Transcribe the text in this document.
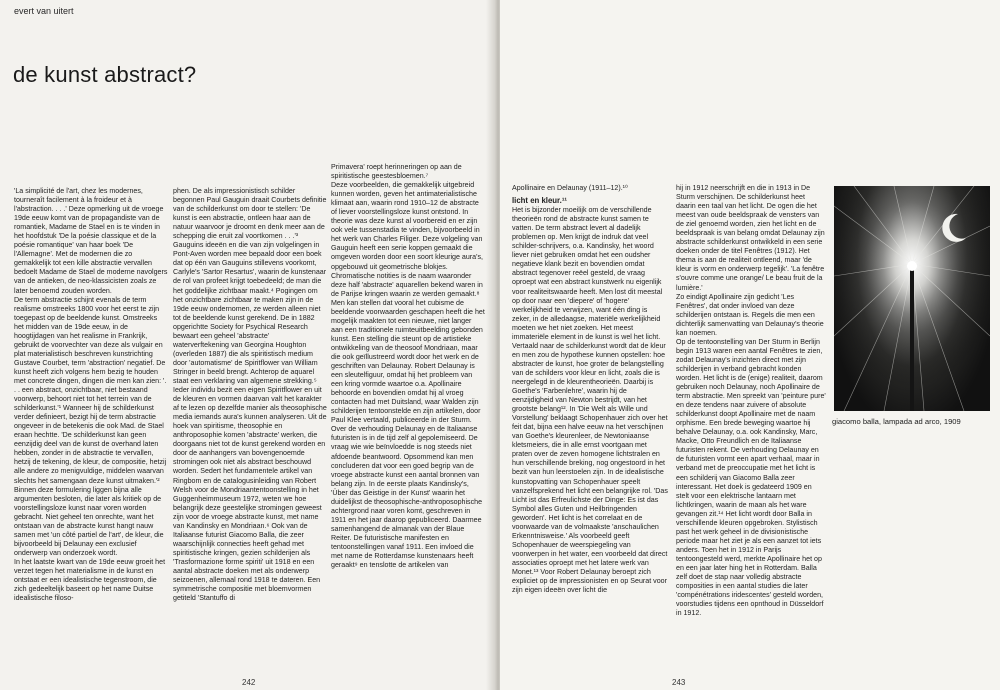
evert van uitert
de kunst abstract?

'La simplicité de l'art, chez les modernes, tourneraît facilement à la froideur et à l'abstraction. . . .' Deze opmerking uit de vroege 19de eeuw komt van de propagandiste van de romantiek, Madame de Stael en is te vinden in het hoofdstuk 'De la poésie classique et de la poésie romantique' van haar boek 'De l'Allemagne'. Met de modernen die zo gemakkelijk tot een kille abstractie vervallen bedoelt Madame de Stael de moderne navolgers van de antieken, de neo-klassicisten zoals ze later benoemd zouden worden.

De term abstractie schijnt evenals de term realisme omstreeks 1800 voor het eerst te zijn toegepast op de beeldende kunst. Omstreeks het midden van de 19de eeuw, in de hoogtijdagen van het realisme in Frankrijk, gebruikt de voorvechter van deze als vulgair en plat materialistisch beschreven kunstrichting Gustave Courbet, term 'abstraction' negatief. De kunst heeft zich volgens hem bezig te houden met concrete dingen, dingen die men kan zien: '. . . een abstract, onzichtbaar, niet bestaand voorwerp, behoort niet tot het terrein van de schilderkunst.'¹ Wanneer hij de schilderkunst verder definieert, bezigt hij de term abstractie ongeveer in de betekenis die ook Mad. de Stael eraan hechtte. 'De schilderkunst kan geen eenzijdig deel van de kunst de overhand laten hebben, zonder in de abstractie te vervallen, hetzij de tekening, de kleur, de compositie, hetzij alle andere zo menigvuldige, middelen waarvan slechts het samengaan deze kunst uitmaken.'² Binnen deze formulering liggen bijna alle argumenten besloten, die later als kritiek op de voorstellingsloze kunst naar voren worden gebracht. Niet geheel ten onrechte, want het ontstaan van de abstracte kunst hangt nauw samen met 'un côté partiel de l'art', de kleur, die bijvoorbeeld bij Delaunay een exclusief onderwerp van onderzoek wordt.

In het laatste kwart van de 19de eeuw groeit het verzet tegen het materialisme in de kunst en ontstaat er een idealistische tegenstroom, die zich gedeeltelijk baseert op het name Duitse idealistische filoso-

phen. De als impressionistisch schilder begonnen Paul Gauguin draait Courbets definitie van de schilderkunst om door te stellen: 'De kunst is een abstractie, ontleen haar aan de natuur waarvoor je droomt en denk meer aan de schepping die eruit zal voortkomen . . .'³ Gauguins ideeën en die van zijn volgelingen in Pont-Aven worden mee bepaald door een boek dat op één van Gauguins stillevens voorkomt, Carlyle's 'Sartor Resartus', waarin de kunstenaar de rol van profeet krijgt toebedeeld; de man die het goddelijke zichtbaar maakt.⁴ Pogingen om het onzichtbare zichtbaar te maken zijn in de 19de eeuw ondernomen, ze werden alleen niet tot de beeldende kunst gerekend. De in 1882 opgerichtte Society for Psychical Research bewaart een geheel 'abstracte' waterverftekening van Georgina Houghton (overleden 1887) die als spiritistisch medium door 'automatisme' de Spiritflower van William Stringer in beeld brengt. Achterop de aquarel staat een verklaring van algemene strekking.⁵ Ieder individu bezit een eigen Spiritflower en uit de kleuren en vormen daarvan valt het karakter af te lezen op dezelfde manier als theosophische media iemands aura's kunnen analyseren. Uit de hoek van spiritisme, theosophie en anthroposophie komen 'abstracte' werken, die doorgaans niet tot de kunst gerekend worden en door de aanhangers van bovengenoemde stromingen ook niet als abstract beschouwd worden. Sedert het fundamentele artikel van Ringbom en de catalogusinleiding van Robert Welsh voor de Mondriaantentoonstelling in het Guggenheimmuseum 1972, weten we hoe belangrijk deze geestelijke stromingen geweest zijn voor de vroege abstracte kunst, met name van Kandinsky en Mondriaan.⁶ Ook van de Italiaanse futurist Giacomo Balla, die zeer waarschijnlijk connecties heeft gehad met spiritistische kringen, gezien schilderijen als 'Trasformazione forme spiriti' uit 1918 en een aantal abstracte doeken met als onderwerp seizoenen, allemaal rond 1918 te dateren. Een symmetrische compositie met bloemvormen getiteld 'Stantuffo di

Primavera' roept herinneringen op aan de spiritistische geestesbloemen.⁷

Deze voorbeelden, die gemakkelijk uitgebreid kunnen worden, geven het antimaterialistische klimaat aan, waarin rond 1910–12 de abstracte of liever voorstellingsloze kunst ontstond. In theorie was deze kunst al voorbereid en er zijn ook vele tussenstadia te vinden, bijvoorbeeld in het werk van Charles Filiger. Deze volgeling van Gauguin heeft een serie koppen gemaakt die omgeven worden door een soort kleurige aura's, opgebouwd uit geometrische blokjes. Chromatische notities is de naam waaronder deze half 'abstracte' aquarellen bekend waren in de Parijse kringen waarin ze werden gemaakt.⁸

Men kan stellen dat vooral het cubisme de beeldende voorwaarden geschapen heeft die het mogelijk maakten tot een nieuwe, niet langer aan een traditionele ruimteuitbeelding gebonden kunst. Een stelling die steunt op de artistieke ontwikkeling van de theosoof Mondriaan, maar die ook geïllustreerd wordt door het werk en de geschriften van Delaunay. Robert Delaunay is een sleutelfiguur, omdat hij het probleem van een kring vormde waartoe o.a. Apollinaire behoorde en bovendien omdat hij al vroeg contacten had met Duitsland, waar Walden zijn schilderijen tentoonstelde en zijn artikelen, door Paul Klee vertaald, publiceerde in der Sturm.

Over de verhouding Delaunay en de Italiaanse futuristen is in de tijd zelf al gepolemiseerd. De vraag wie wie beïnvloedde is nog steeds niet afdoende beantwoord. Opsommend kan men concluderen dat voor een goed begrip van de vroege abstracte kunst een aantal bronnen van belang zijn. In de eerste plaats Kandinsky's, 'Über das Geistige in der Kunst' waarin het duidelijkst de theosophische-anthroposophische achtergrond naar voren komt, geschreven in 1911 en het jaar daarop gepubliceerd. Daarmee samenhangend de almanak van der Blaue Reiter. De futuristische manifesten en tentoonstellingen vanaf 1911. Een invloed die met name de Rotterdamse kunstenaars heeft geraakt⁹ en tenslotte de artikelen van

242	243

Apollinaire en Delaunay (1911–12).¹⁰

licht en kleur.¹¹

Het is bijzonder moeilijk om de verschillende theorieën rond de abstracte kunst samen te vatten. De term abstract levert al dadelijk problemen op. Men krijgt de indruk dat veel schilder-schrijvers, o.a. Kandinsky, het woord liever niet gebruiken omdat het een oudsher negatieve klank bezit en bovendien omdat abstract tegenover reëel gesteld, de vraag oproept wat een abstract kunstwerk nu eigenlijk voor realiteitswaarde heeft. Men lost dit meestal op door naar een 'diepere' of 'hogere' werkelijkheid te verwijzen, want één ding is zeker, in de alledaagse, materiële werkelijkheid moeten we het niet zoeken. Het meest immateriële element in de kunst is wel het licht. Vertaald naar de schilderkunst wordt dat de kleur en men zou de hypothese kunnen opstellen: hoe abstracter de kunst, hoe groter de belangstelling van de schilders voor kleur en licht, zoals die is neergelegd in de kleurentheorieën. Daarbij is Goethe's 'Farbenlehre', waarin hij de eenzijdigheid van Newton bestrijdt, van het grootste belang¹². In 'Die Welt als Wille und Vorstellung' beklaagt Schopenhauer zich over het feit dat, bijna een halve eeuw na het verschijnen van Goethe's kleurenleer, de Newtoniaanse kletsmeiers, die in alle ernst voortgaan met praten over de zeven homogene lichtstralen en hun verschillende breking, nog ongestoord in het bezit van hun leerstoelen zijn. In de idealistische kunstopvatting van Schopenhauer speelt vanzelfsprekend het licht een belangrijke rol. 'Das Licht ist das Erfreulichste der Dinge: Es ist das Symbol alles Guten und Heilbringenden geworden'. Het licht is het correlaat en de voorwaarde van de volmaakste 'anschaulichen Erkenntnisweise.' Als voorbeeld geeft Schopenhauer de weerspiegeling van voorwerpen in het water, een voorbeeld dat direct associaties oproept met het latere werk van Monet.¹³ Voor Robert Delaunay beroept zich expliciet op de impressionisten en op Seurat voor zijn eigen ideeën over licht die

hij in 1912 neerschrijft en die in 1913 in De Sturm verschijnen. De schilderkunst heet daarin een taal van het licht. De ogen die het meest van oude beeldspraak de vensters van de ziel genoemd worden, zien het licht en de beeldspraak is van belang omdat Delaunay zijn abstracte schilderkunst ontwikkeld in een serie doeken onder de titel Fenêtres (1912). Het thema is aan de realiteit ontleend, maar 'de kleur is vorm en onderwerp tegelijk'. 'La fenêtre s'ouvre comme une orange/ Le beau fruit de la lumière.'

Zo eindigt Apollinaire zijn gedicht 'Les Fenêtres', dat onder invloed van deze schilderijen ontstaan is. Regels die men een dichterlijk samenvatting van Delaunay's theorie kan noemen.

Op de tentoonstelling van Der Sturm in Berlijn begin 1913 waren een aantal Fenêtres te zien, zodat Delaunay's inzichten direct met zijn schilderijen in verband gebracht konden worden. Het licht is de (enige) realiteit, daarom gebruiken noch Delaunay, noch Apollinaire de term abstractie. Men spreekt van 'peinture pure' en deze tendens naar zuivere of absolute schilderkunst doopt Apollinaire met de naam orphisme. Een brede beweging waartoe hij behalve Delaunay, o.a. ook Kandinsky, Marc, Macke, Otto Freundlich en de Italiaanse futuristen rekent. De verhouding Delaunay en de futuristen vormt een apart verhaal, maar in verband met de preoccupatie met het licht is een schilderij van Giacomo Balla zeer interessant. Het doek is gedateerd 1909 en stelt voor een elektrische lantaarn met lichtkringen, waarin de maan als het ware gevangen zit.¹⁴ Het licht wordt door Balla in verschillende kleuren opgebroken. Stylistisch past het werk geheel in de divisionistische periode maar het ziet je als een aanzet tot iets anders. Toen het in 1912 in Parijs tentoongesteld werd, merkte Apollinaire het op en een jaar later hing het in Rotterdam. Balla zelf doet de stap naar volledig abstracte composities in een aantal studies die later 'compénétrations iridescentes' gesteld worden, voorstudies tijdens een opnthoud in Düsseldorf in 1912.

giacomo balla, lampada ad arco, 1909
